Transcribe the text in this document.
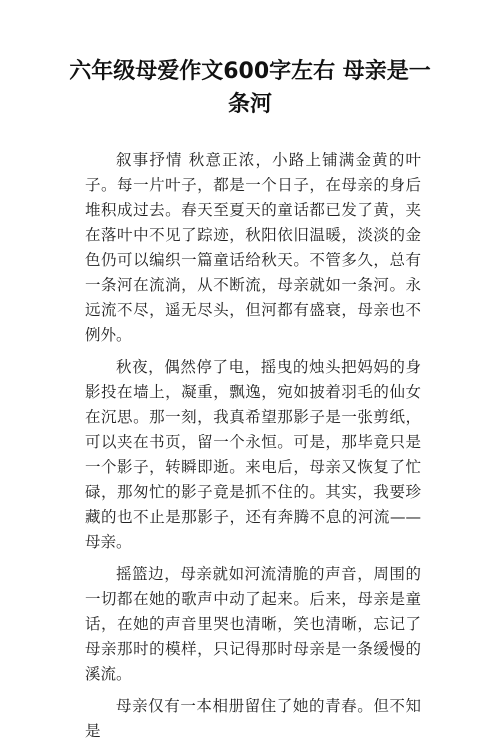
六年级母爱作文600字左右 母亲是一条河

叙事抒情 秋意正浓，小路上铺满金黄的叶子。每一片叶子，都是一个日子，在母亲的身后堆积成过去。春天至夏天的童话都已发了黄，夹在落叶中不见了踪迹，秋阳依旧温暖，淡淡的金色仍可以编织一篇童话给秋天。不管多久，总有一条河在流淌，从不断流，母亲就如一条河。永远流不尽，遥无尽头，但河都有盛衰，母亲也不例外。

秋夜，偶然停了电，摇曳的烛头把妈妈的身影投在墙上，凝重，飘逸，宛如披着羽毛的仙女在沉思。那一刻，我真希望那影子是一张剪纸，可以夹在书页，留一个永恒。可是，那毕竟只是一个影子，转瞬即逝。来电后，母亲又恢复了忙碌，那匆忙的影子竟是抓不住的。其实，我要珍藏的也不止是那影子，还有奔腾不息的河流——母亲。

摇篮边，母亲就如河流清脆的声音，周围的一切都在她的歌声中动了起来。后来，母亲是童话，在她的声音里哭也清晰，笑也清晰，忘记了母亲那时的模样，只记得那时母亲是一条缓慢的溪流。

母亲仅有一本相册留住了她的青春。但不知是
